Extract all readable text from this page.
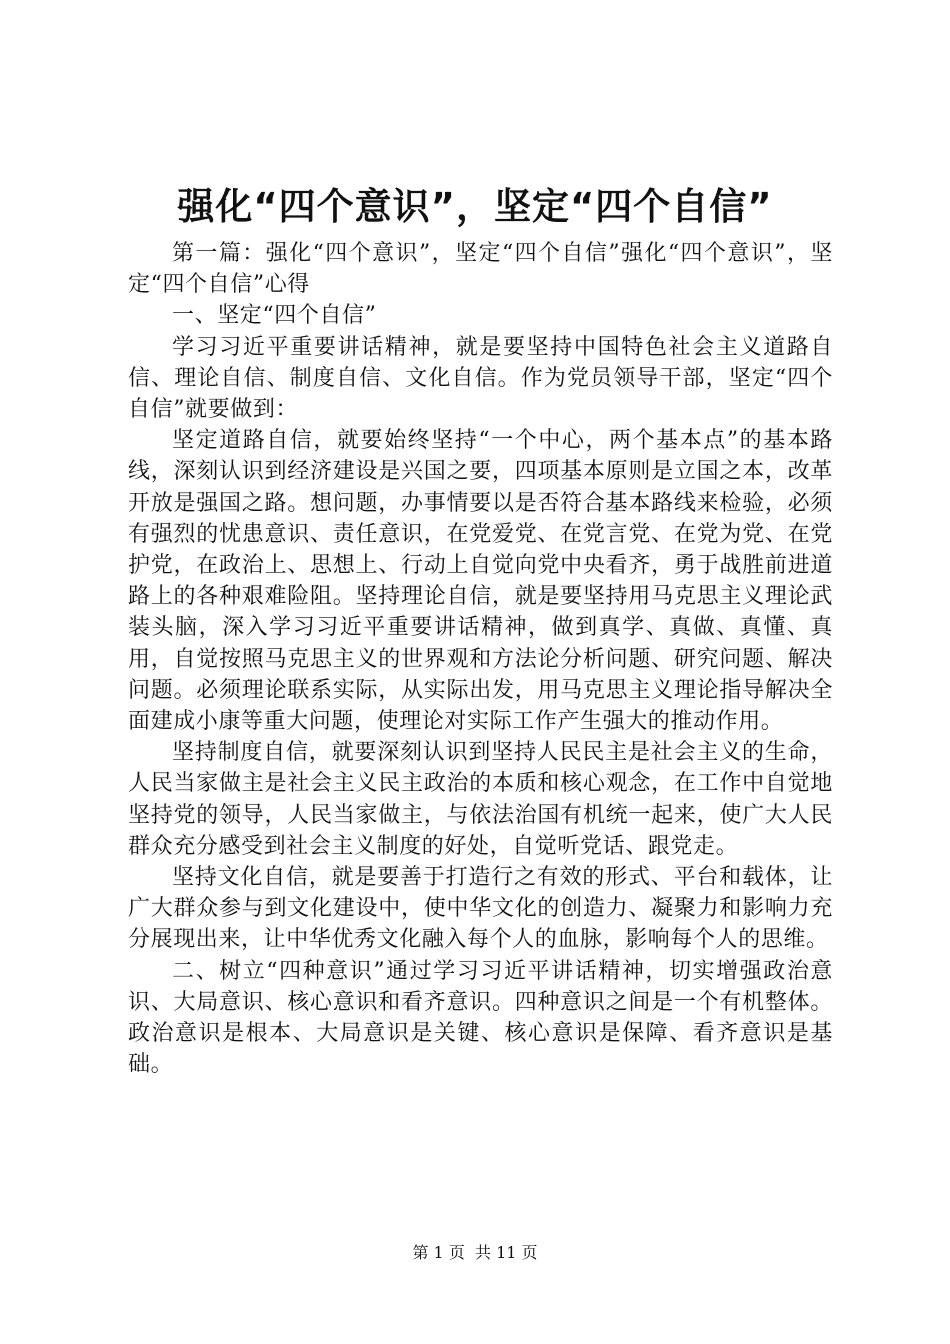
强化“四个意识”，坚定“四个自信”

第一篇：强化“四个意识”，坚定“四个自信”强化“四个意识”，坚定“四个自信”心得

一、坚定“四个自信”

学习习近平重要讲话精神，就是要坚持中国特色社会主义道路自信、理论自信、制度自信、文化自信。作为党员领导干部，坚定“四个自信”就要做到：

坚定道路自信，就要始终坚持“一个中心，两个基本点”的基本路线，深刻认识到经济建设是兴国之要，四项基本原则是立国之本，改革开放是强国之路。想问题，办事情要以是否符合基本路线来检验，必须有强烈的忧患意识、责任意识，在党爱党、在党言党、在党为党、在党护党，在政治上、思想上、行动上自觉向党中央看齐，勇于战胜前进道路上的各种艰难险阻。坚持理论自信，就是要坚持用马克思主义理论武装头脑，深入学习习近平重要讲话精神，做到真学、真做、真懂、真用，自觉按照马克思主义的世界观和方法论分析问题、研究问题、解决问题。必须理论联系实际，从实际出发，用马克思主义理论指导解决全面建成小康等重大问题，使理论对实际工作产生强大的推动作用。

坚持制度自信，就要深刻认识到坚持人民民主是社会主义的生命，人民当家做主是社会主义民主政治的本质和核心观念，在工作中自觉地坚持党的领导，人民当家做主，与依法治国有机统一起来，使广大人民群众充分感受到社会主义制度的好处，自觉听党话、跟党走。

坚持文化自信，就是要善于打造行之有效的形式、平台和载体，让广大群众参与到文化建设中，使中华文化的创造力、凝聚力和影响力充分展现出来，让中华优秀文化融入每个人的血脉，影响每个人的思维。

二、树立“四种意识”通过学习习近平讲话精神，切实增强政治意识、大局意识、核心意识和看齐意识。四种意识之间是一个有机整体。政治意识是根本、大局意识是关键、核心意识是保障、看齐意识是基础。

第 1 页  共 11 页
